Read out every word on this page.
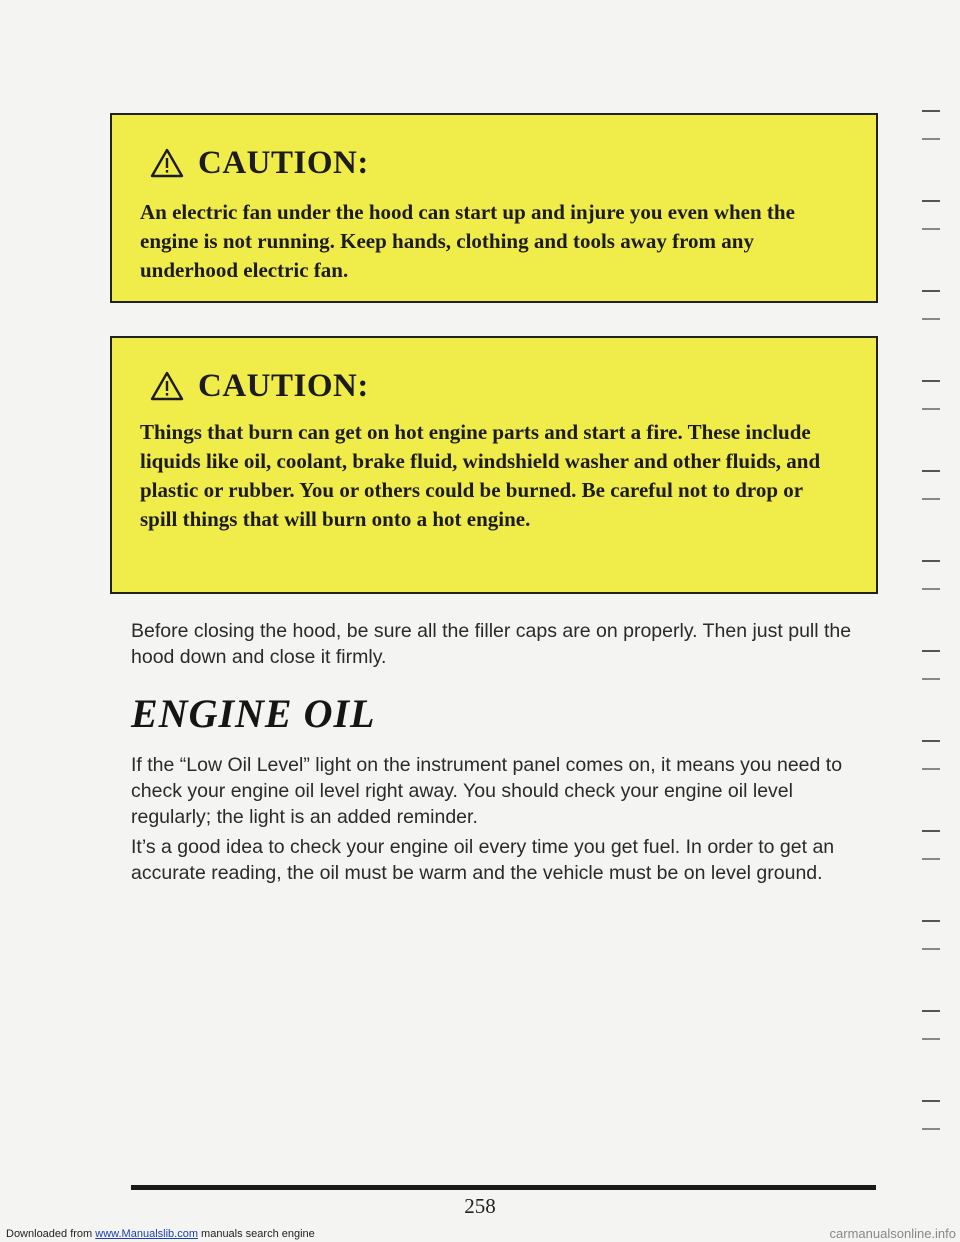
CAUTION:
An electric fan under the hood can start up and injure you even when the engine is not running. Keep hands, clothing and tools away from any underhood electric fan.
CAUTION:
Things that burn can get on hot engine parts and start a fire. These include liquids like oil, coolant, brake fluid, windshield washer and other fluids, and plastic or rubber. You or others could be burned. Be careful not to drop or spill things that will burn onto a hot engine.
Before closing the hood, be sure all the filler caps are on properly. Then just pull the hood down and close it firmly.
ENGINE OIL
If the “Low Oil Level” light on the instrument panel comes on, it means you need to check your engine oil level right away. You should check your engine oil level regularly; the light is an added reminder.
It’s a good idea to check your engine oil every time you get fuel. In order to get an accurate reading, the oil must be warm and the vehicle must be on level ground.
258
Downloaded from www.Manualslib.com manuals search engine	carmanualsonline.info
